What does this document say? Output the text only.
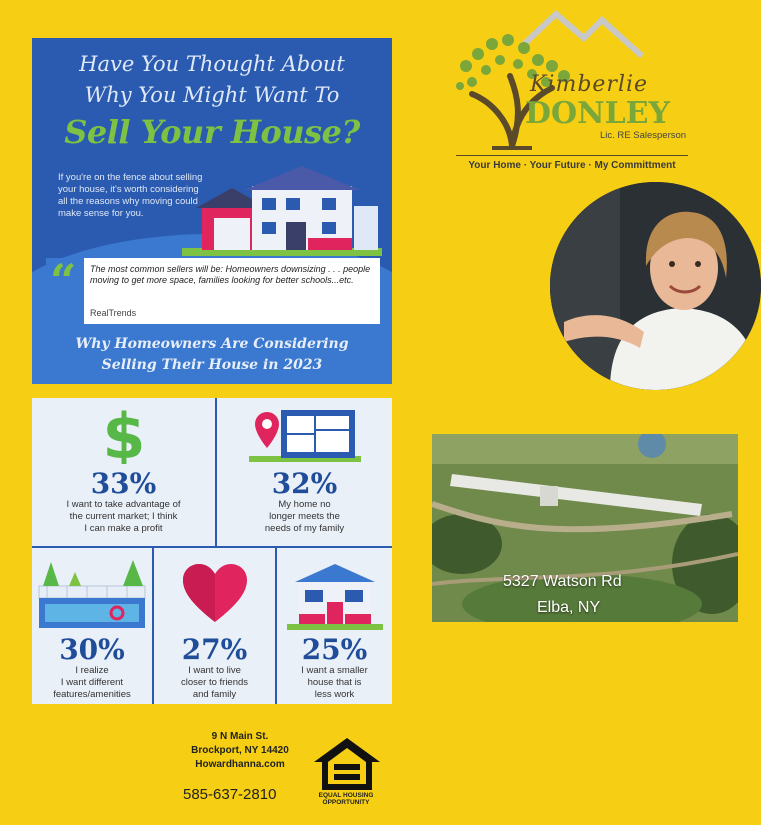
Have You Thought About
Why You Might Want To
Sell Your House?
If you're on the fence about selling your house, it's worth considering all the reasons why moving could make sense for you.
“ The most common sellers will be: Homeowners downsizing . . . people moving to get more space, families looking for better schools...etc.
RealTrends
Why Homeowners Are Considering
Selling Their House in 2023
$
33%
I want to take advantage of
the current market; I think
I can make a profit
32%
My home no
longer meets the
needs of my family
30%
I realize
I want different
features/amenities
27%
I want to live
closer to friends
and family
25%
I want a smaller
house that is
less work
Kimberlie
DONLEY
Lic. RE Salesperson
Your Home · Your Future · My Committment
5327 Watson Rd
Elba, NY
9 N Main St.
Brockport, NY 14420
Howardhanna.com
585-637-2810	EQUAL HOUSING
OPPORTUNITY
